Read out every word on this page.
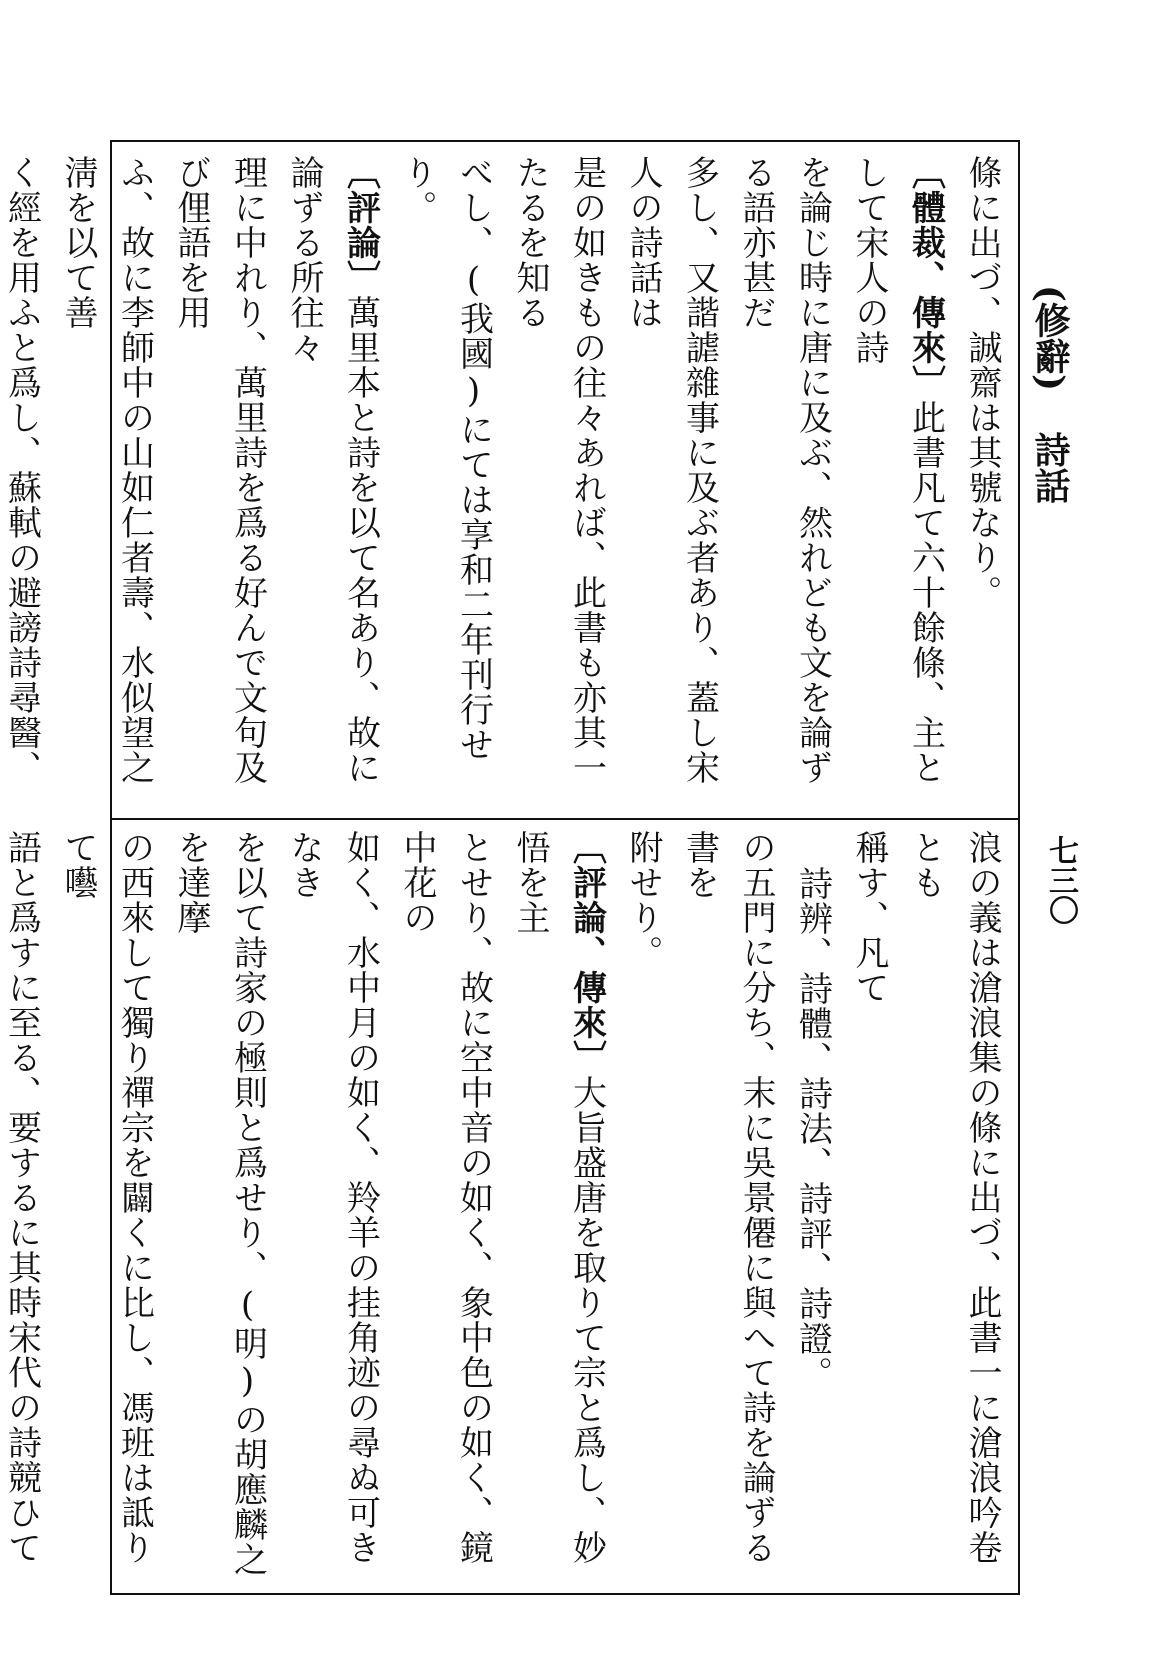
(修辭)詩話
七三〇

條に出づ、誠齋は其號なり。

〔體裁、傳來〕此書凡て六十餘條、主として宋人の詩

を論じ時に唐に及ぶ、然れども文を論ずる語亦甚だ

多し、又諧謔雜事に及ぶ者あり、蓋し宋人の詩話は

是の如きもの往々あれば、此書も亦其一たるを知る

べし、(我國)にては享和二年刊行せり。

〔評論〕萬里本と詩を以て名あり、故に論ずる所往々

理に中れり、萬里詩を爲る好んで文句及び俚語を用

ふ、故に李師中の山如仁者壽、水似望之淸を以て善

く經を用ふと爲し、蘇軾の避謗詩尋醫、

浪の義は滄浪集の條に出づ、此書一に滄浪吟卷とも

稱す、凡て

詩辨、詩體、詩法、詩評、詩證。

の五門に分ち、末に吳景僊に與へて詩を論ずる書を

附せり。

〔評論、傳來〕大旨盛唐を取りて宗と爲し、妙悟を主

とせり、故に空中音の如く、象中色の如く、鏡中花の

如く、水中月の如く、羚羊の挂角迹の尋ぬ可きなき

を以て詩家の極則と爲せり、(明)の胡應麟之を達摩

の西來して獨り禪宗を闢くに比し、馮班は詆りて囈

語と爲すに至る、要するに其時宋代の詩競ひて
